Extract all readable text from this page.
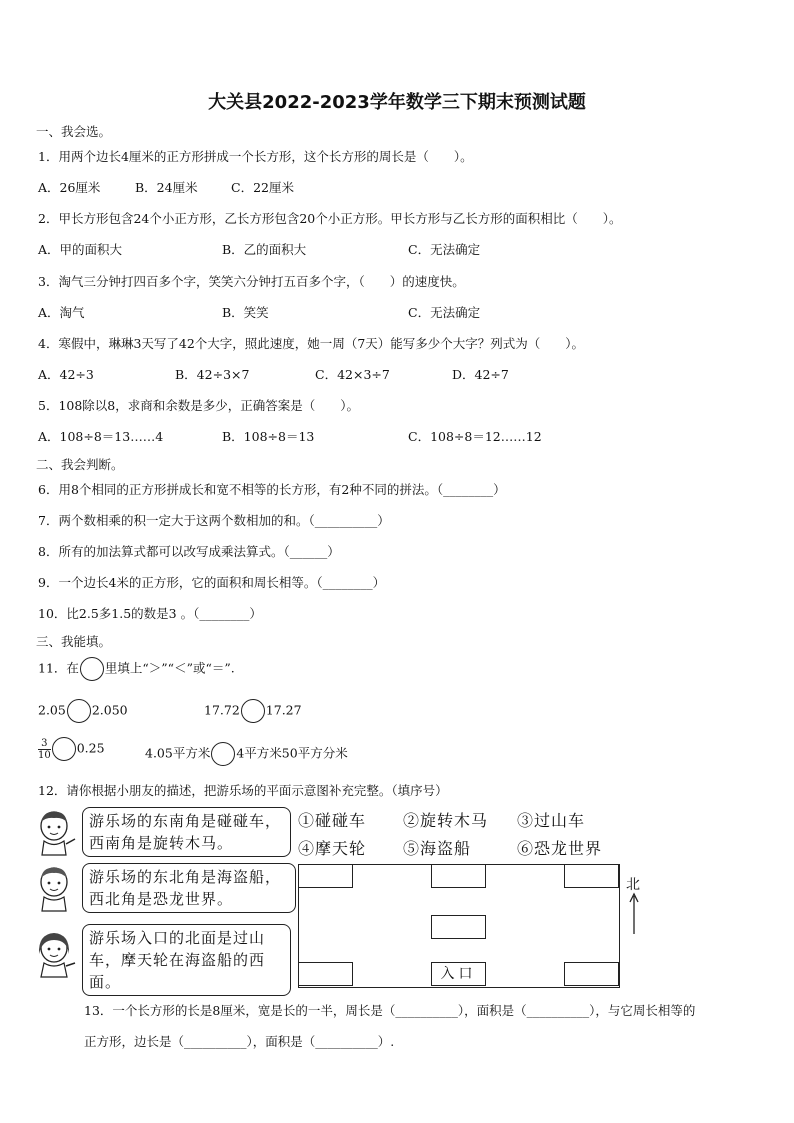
大关县2022-2023学年数学三下期末预测试题
一、我会选。
1．用两个边长4厘米的正方形拼成一个长方形，这个长方形的周长是（　　）。
A．26厘米	B．24厘米	C．22厘米
2．甲长方形包含24个小正方形，乙长方形包含20个小正方形。甲长方形与乙长方形的面积相比（　　）。
A．甲的面积大	B．乙的面积大	C．无法确定
3．淘气三分钟打四百多个字，笑笑六分钟打五百多个字，（　　）的速度快。
A．淘气	B．笑笑	C．无法确定
4．寒假中，琳琳3天写了42个大字，照此速度，她一周（7天）能写多少个大字？列式为（　　）。
A．42÷3	B．42÷3×7	C．42×3÷7	D．42÷7
5．108除以8，求商和余数是多少，正确答案是（　　）。
A．108÷8＝13……4	B．108÷8＝13	C．108÷8＝12……12
二、我会判断。
6．用8个相同的正方形拼成长和宽不相等的长方形，有2种不同的拼法。（________）
7．两个数相乘的积一定大于这两个数相加的和。（__________）
8．所有的加法算式都可以改写成乘法算式。（______）
9．一个边长4米的正方形，它的面积和周长相等。（________）
10．比2.5多1.5的数是3 。（________）
三、我能填。
11．在 里填上“＞”“＜”或“＝”.
2.05 2.050	17.72 17.27
$\frac{3}{10} 0.25$	4.05平方米 4平方米50平方分米
12．请你根据小朋友的描述，把游乐场的平面示意图补充完整。（填序号）
游乐场的东南角是碰碰车，西南角是旋转木马。
游乐场的东北角是海盗船，西北角是恐龙世界。
游乐场入口的北面是过山车，摩天轮在海盗船的西面。
①碰碰车 ②旋转木马 ③过山车
④摩天轮 ⑤海盗船	⑥恐龙世界
入口
北
13．一个长方形的长是8厘米，宽是长的一半，周长是（__________），面积是（__________），与它周长相等的
正方形，边长是（__________），面积是（__________）.
